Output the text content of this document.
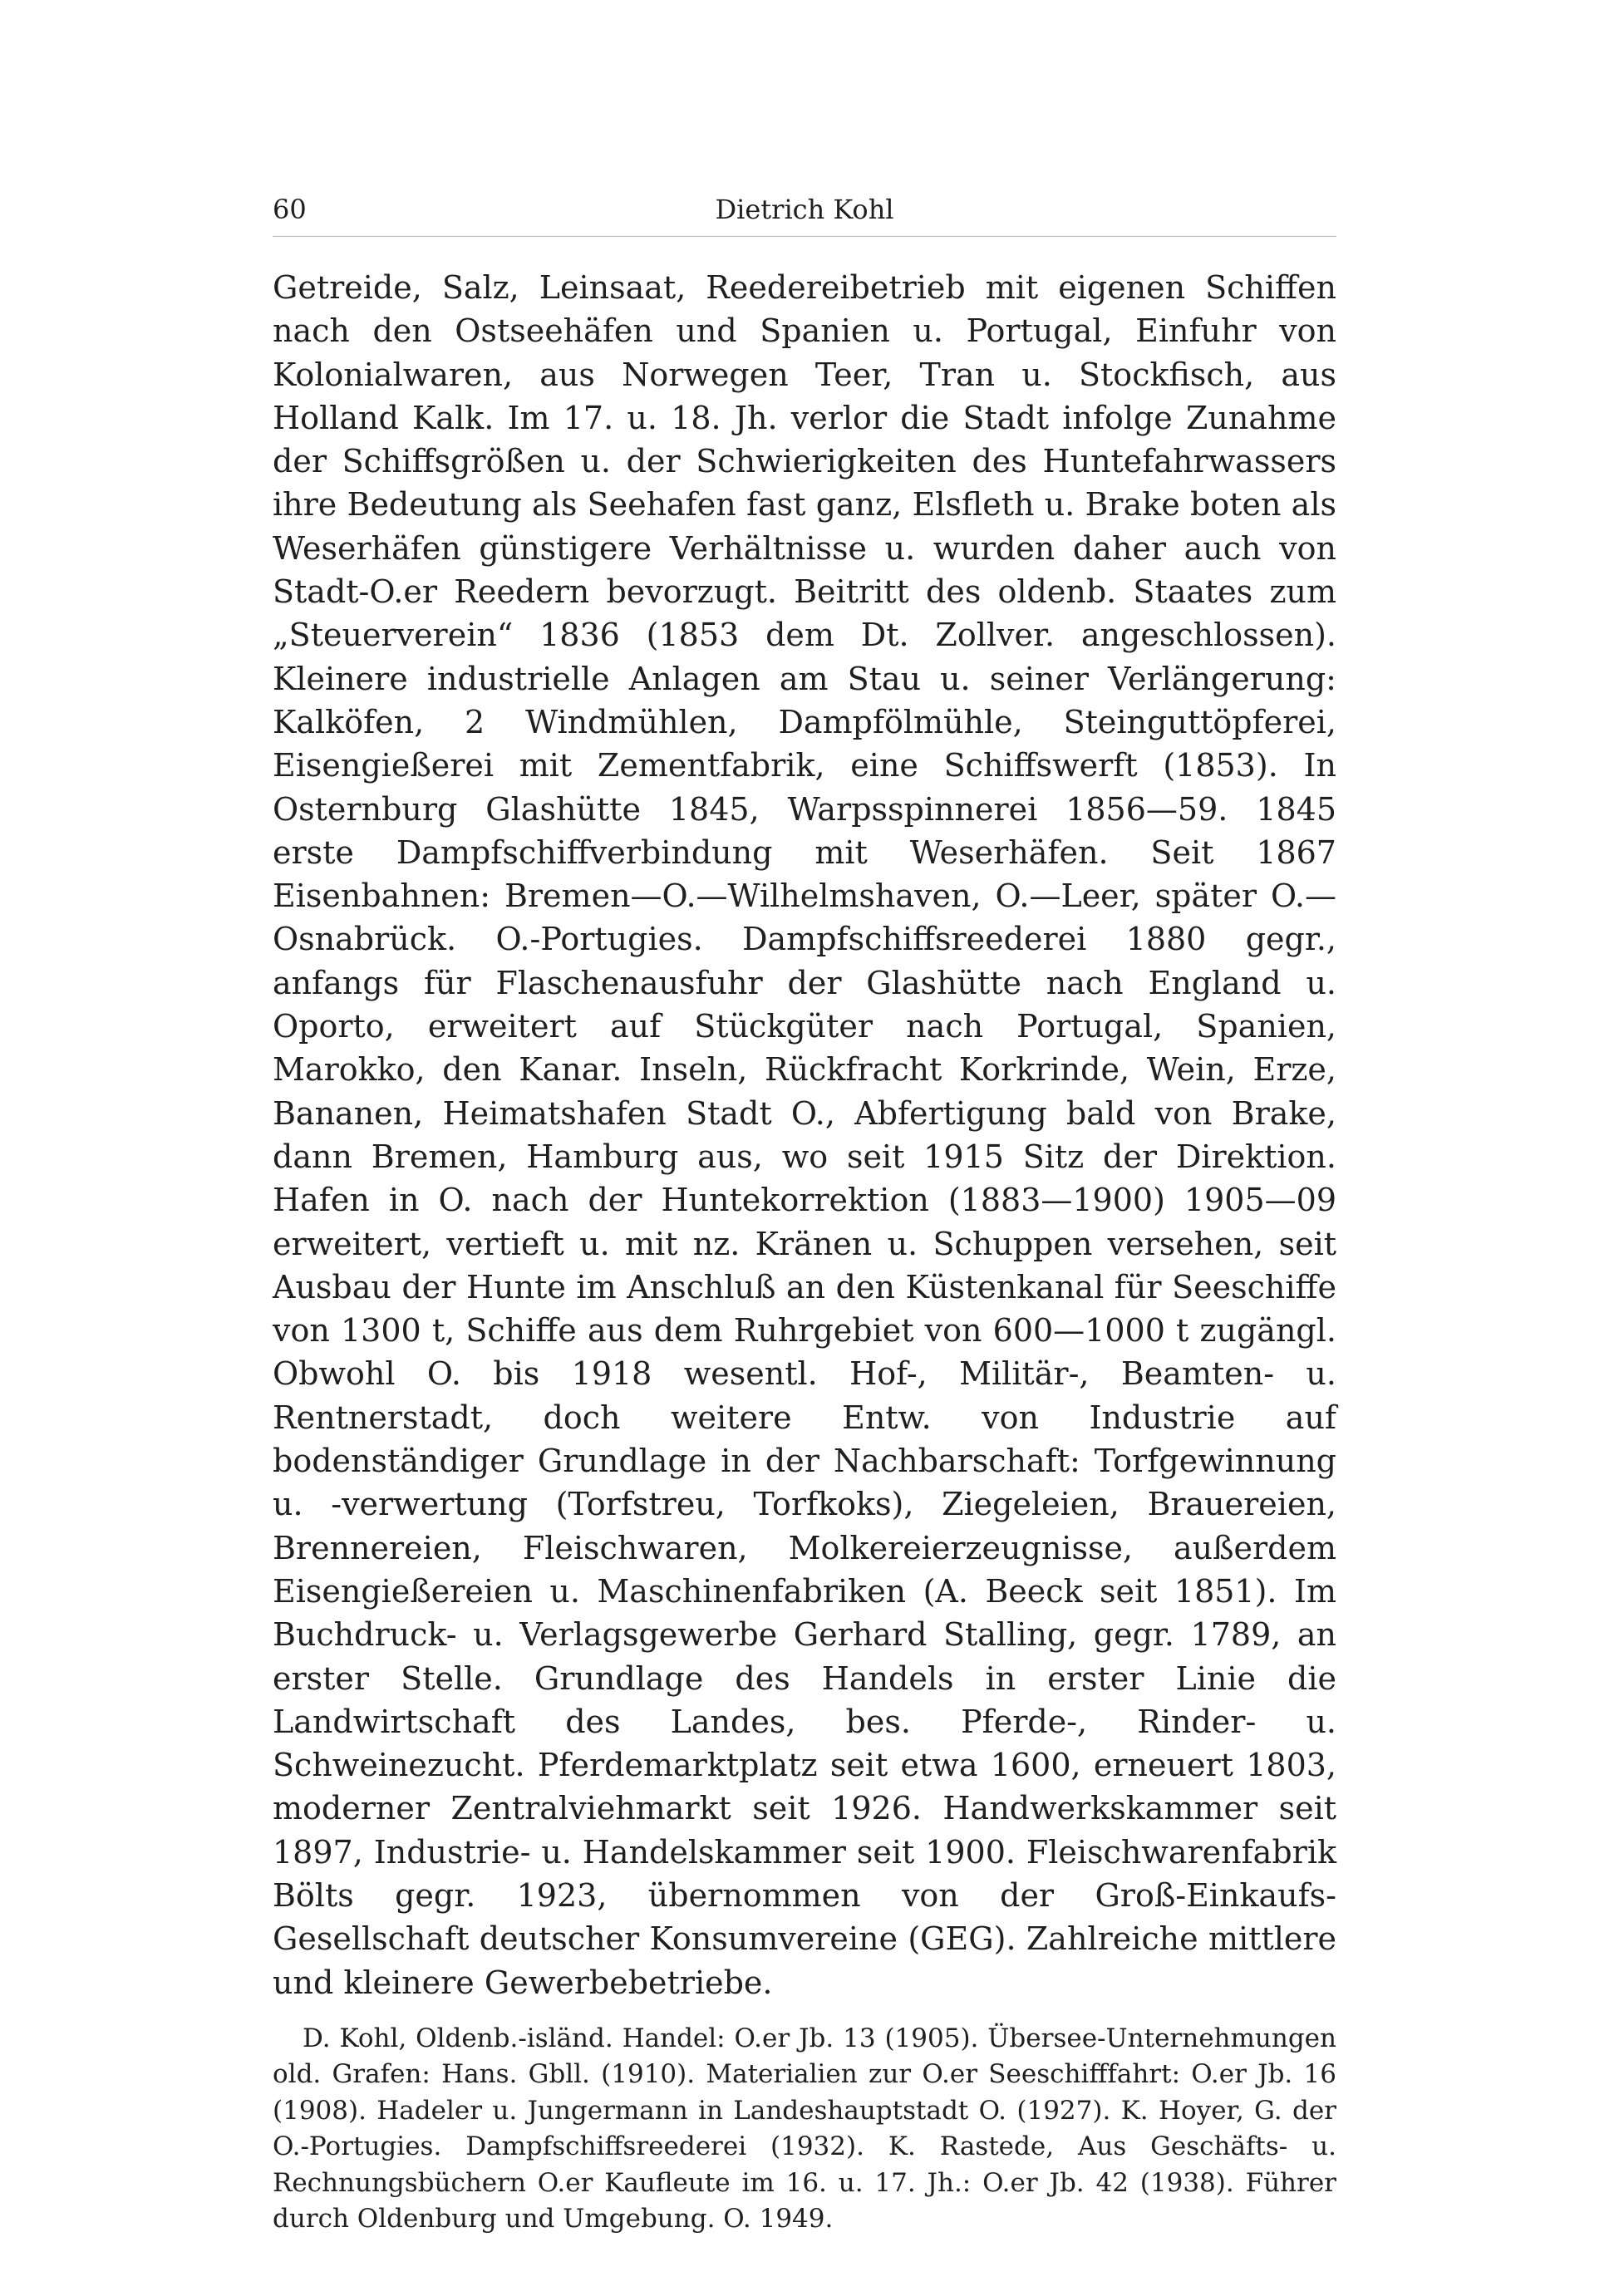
60	Dietrich Kohl

Getreide, Salz, Leinsaat, Reedereibetrieb mit eigenen Schiffen nach den Ostseehäfen und Spanien u. Portugal, Einfuhr von Kolonialwaren, aus Norwegen Teer, Tran u. Stockfisch, aus Holland Kalk. Im 17. u. 18. Jh. verlor die Stadt infolge Zunahme der Schiffsgrößen u. der Schwierigkeiten des Huntefahrwassers ihre Bedeutung als Seehafen fast ganz, Elsfleth u. Brake boten als Weserhäfen günstigere Verhältnisse u. wurden daher auch von Stadt-O.er Reedern bevorzugt. Beitritt des oldenb. Staates zum „Steuerverein“ 1836 (1853 dem Dt. Zollver. angeschlossen). Kleinere industrielle Anlagen am Stau u. seiner Verlängerung: Kalköfen, 2 Windmühlen, Dampfölmühle, Steinguttöpferei, Eisengießerei mit Zementfabrik, eine Schiffswerft (1853). In Osternburg Glashütte 1845, Warpsspinnerei 1856—59. 1845 erste Dampfschiffverbindung mit Weserhäfen. Seit 1867 Eisenbahnen: Bremen—O.—Wilhelmshaven, O.—Leer, später O.—Osnabrück. O.-Portugies. Dampfschiffsreederei 1880 gegr., anfangs für Flaschenausfuhr der Glashütte nach England u. Oporto, erweitert auf Stückgüter nach Portugal, Spanien, Marokko, den Kanar. Inseln, Rückfracht Korkrinde, Wein, Erze, Bananen, Heimatshafen Stadt O., Abfertigung bald von Brake, dann Bremen, Hamburg aus, wo seit 1915 Sitz der Direktion. Hafen in O. nach der Huntekorrektion (1883—1900) 1905—09 erweitert, vertieft u. mit nz. Kränen u. Schuppen versehen, seit Ausbau der Hunte im Anschluß an den Küstenkanal für Seeschiffe von 1300 t, Schiffe aus dem Ruhrgebiet von 600—1000 t zugängl. Obwohl O. bis 1918 wesentl. Hof-, Militär-, Beamten- u. Rentnerstadt, doch weitere Entw. von Industrie auf bodenständiger Grundlage in der Nachbarschaft: Torfgewinnung u. -verwertung (Torfstreu, Torfkoks), Ziegeleien, Brauereien, Brennereien, Fleischwaren, Molkereierzeugnisse, außerdem Eisengießereien u. Maschinenfabriken (A. Beeck seit 1851). Im Buchdruck- u. Verlagsgewerbe Gerhard Stalling, gegr. 1789, an erster Stelle. Grundlage des Handels in erster Linie die Landwirtschaft des Landes, bes. Pferde-, Rinder- u. Schweinezucht. Pferdemarktplatz seit etwa 1600, erneuert 1803, moderner Zentralviehmarkt seit 1926. Handwerkskammer seit 1897, Industrie- u. Handelskammer seit 1900. Fleischwarenfabrik Bölts gegr. 1923, übernommen von der Groß-Einkaufs-Gesellschaft deutscher Konsumvereine (GEG). Zahlreiche mittlere und kleinere Gewerbebetriebe.

D. Kohl, Oldenb.-isländ. Handel: O.er Jb. 13 (1905). Übersee-Unternehmungen old. Grafen: Hans. Gbll. (1910). Materialien zur O.er Seeschifffahrt: O.er Jb. 16 (1908). Hadeler u. Jungermann in Landeshauptstadt O. (1927). K. Hoyer, G. der O.-Portugies. Dampfschiffsreederei (1932). K. Rastede, Aus Geschäfts- u. Rechnungsbüchern O.er Kaufleute im 16. u. 17. Jh.: O.er Jb. 42 (1938). Führer durch Oldenburg und Umgebung. O. 1949.
